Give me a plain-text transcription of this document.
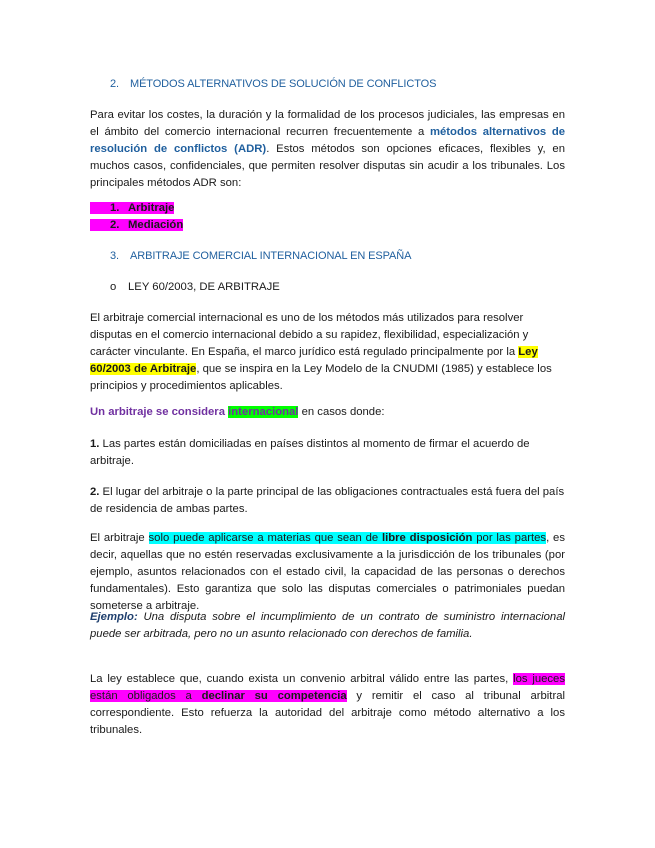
2. MÉTODOS ALTERNATIVOS DE SOLUCIÓN DE CONFLICTOS

Para evitar los costes, la duración y la formalidad de los procesos judiciales, las empresas en el ámbito del comercio internacional recurren frecuentemente a métodos alternativos de resolución de conflictos (ADR). Estos métodos son opciones eficaces, flexibles y, en muchos casos, confidenciales, que permiten resolver disputas sin acudir a los tribunales. Los principales métodos ADR son:

1. Arbitraje
2. Mediación
3. ARBITRAJE COMERCIAL INTERNACIONAL EN ESPAÑA
o LEY 60/2003, DE ARBITRAJE

El arbitraje comercial internacional es uno de los métodos más utilizados para resolver disputas en el comercio internacional debido a su rapidez, flexibilidad, especialización y carácter vinculante. En España, el marco jurídico está regulado principalmente por la Ley 60/2003 de Arbitraje, que se inspira en la Ley Modelo de la CNUDMI (1985) y establece los principios y procedimientos aplicables.

Un arbitraje se considera internacional en casos donde:

1. Las partes están domiciliadas en países distintos al momento de firmar el acuerdo de arbitraje.

2. El lugar del arbitraje o la parte principal de las obligaciones contractuales está fuera del país de residencia de ambas partes.

El arbitraje solo puede aplicarse a materias que sean de libre disposición por las partes, es decir, aquellas que no estén reservadas exclusivamente a la jurisdicción de los tribunales (por ejemplo, asuntos relacionados con el estado civil, la capacidad de las personas o derechos fundamentales). Esto garantiza que solo las disputas comerciales o patrimoniales puedan someterse a arbitraje.

Ejemplo: Una disputa sobre el incumplimiento de un contrato de suministro internacional puede ser arbitrada, pero no un asunto relacionado con derechos de familia.

La ley establece que, cuando exista un convenio arbitral válido entre las partes, los jueces están obligados a declinar su competencia y remitir el caso al tribunal arbitral correspondiente. Esto refuerza la autoridad del arbitraje como método alternativo a los tribunales.
